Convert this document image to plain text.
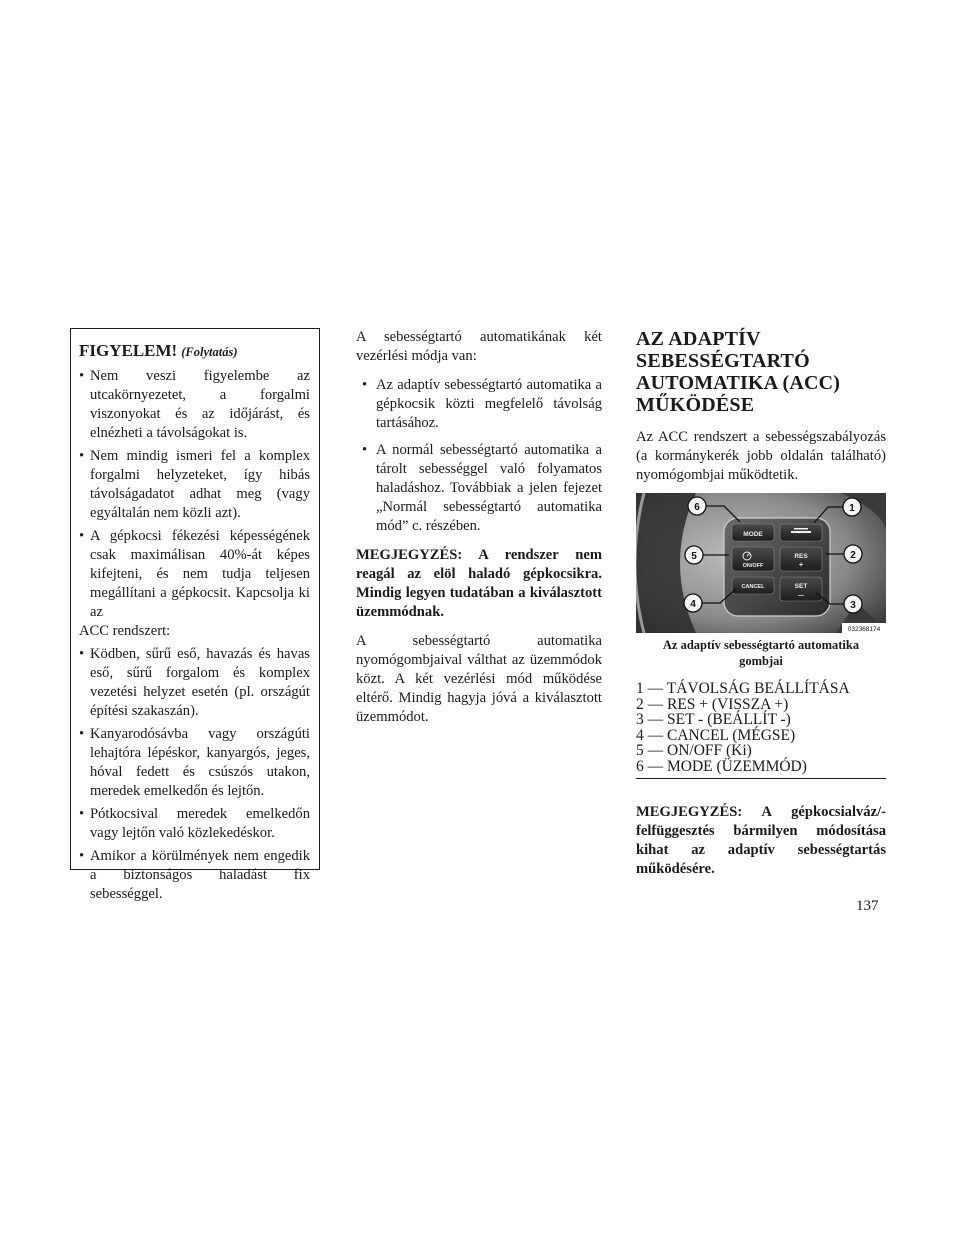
FIGYELEM! (Folytatás)
• Nem veszi figyelembe az utcakörnyezetet, a forgalmi viszonyokat és az időjárást, és elnézheti a távolságokat is.
• Nem mindig ismeri fel a komplex forgalmi helyzeteket, így hibás távolságadatot adhat meg (vagy egyáltalán nem közli azt).
• A gépkocsi fékezési képességének csak maximálisan 40%-át képes kifejteni, és nem tudja teljesen megállítani a gépkocsit. Kapcsolja ki az

ACC rendszert:

• Ködben, sűrű eső, havazás és havas eső, sűrű forgalom és komplex vezetési helyzet esetén (pl. országút építési szakaszán).
• Kanyarodósávba vagy országúti lehajtóra lépéskor, kanyargós, jeges, hóval fedett és csúszós utakon, meredek emelkedőn és lejtőn.
• Pótkocsival meredek emelkedőn vagy lejtőn való közlekedéskor.
• Amikor a körülmények nem engedik a biztonságos haladást fix sebességgel.

A sebességtartó automatikának két vezérlési módja van:

• Az adaptív sebességtartó automatika a gépkocsik közti megfelelő távolság tartásához.
• A normál sebességtartó automatika a tárolt sebességgel való folyamatos haladáshoz. Továbbiak a jelen fejezet „Normál sebességtartó automatika mód” c. részében.

MEGJEGYZÉS: A rendszer nem reagál az elöl haladó gépkocsikra. Mindig legyen tudatában a kiválasztott üzemmódnak.

A sebességtartó automatika nyomógombjaival válthat az üzemmódok közt. A két vezérlési mód működése eltérő. Mindig hagyja jóvá a kiválasztott üzemmódot.

AZ ADAPTÍV
SEBESSÉGTARTÓ
AUTOMATIKA (ACC)
MŰKÖDÉSE

Az ACC rendszert a sebességszabályozás (a kormánykerék jobb oldalán található) nyomógombjai működtetik.

MODE
ON/OFF
RES
+
CANCEL	SET
—
6	1
5	2
4	3
032368174
Az adaptív sebességtartó automatika
gombjai
1 — TÁVOLSÁG BEÁLLÍTÁSA
2 — RES + (VISSZA +)
3 — SET - (BEÁLLÍT -)
4 — CANCEL (MÉGSE)
5 — ON/OFF (Ki)
6 — MODE (ÜZEMMÓD)

MEGJEGYZÉS: A gépkocsialváz/-felfüggesztés bármilyen módosítása kihat az adaptív sebességtartás működésére.

137
